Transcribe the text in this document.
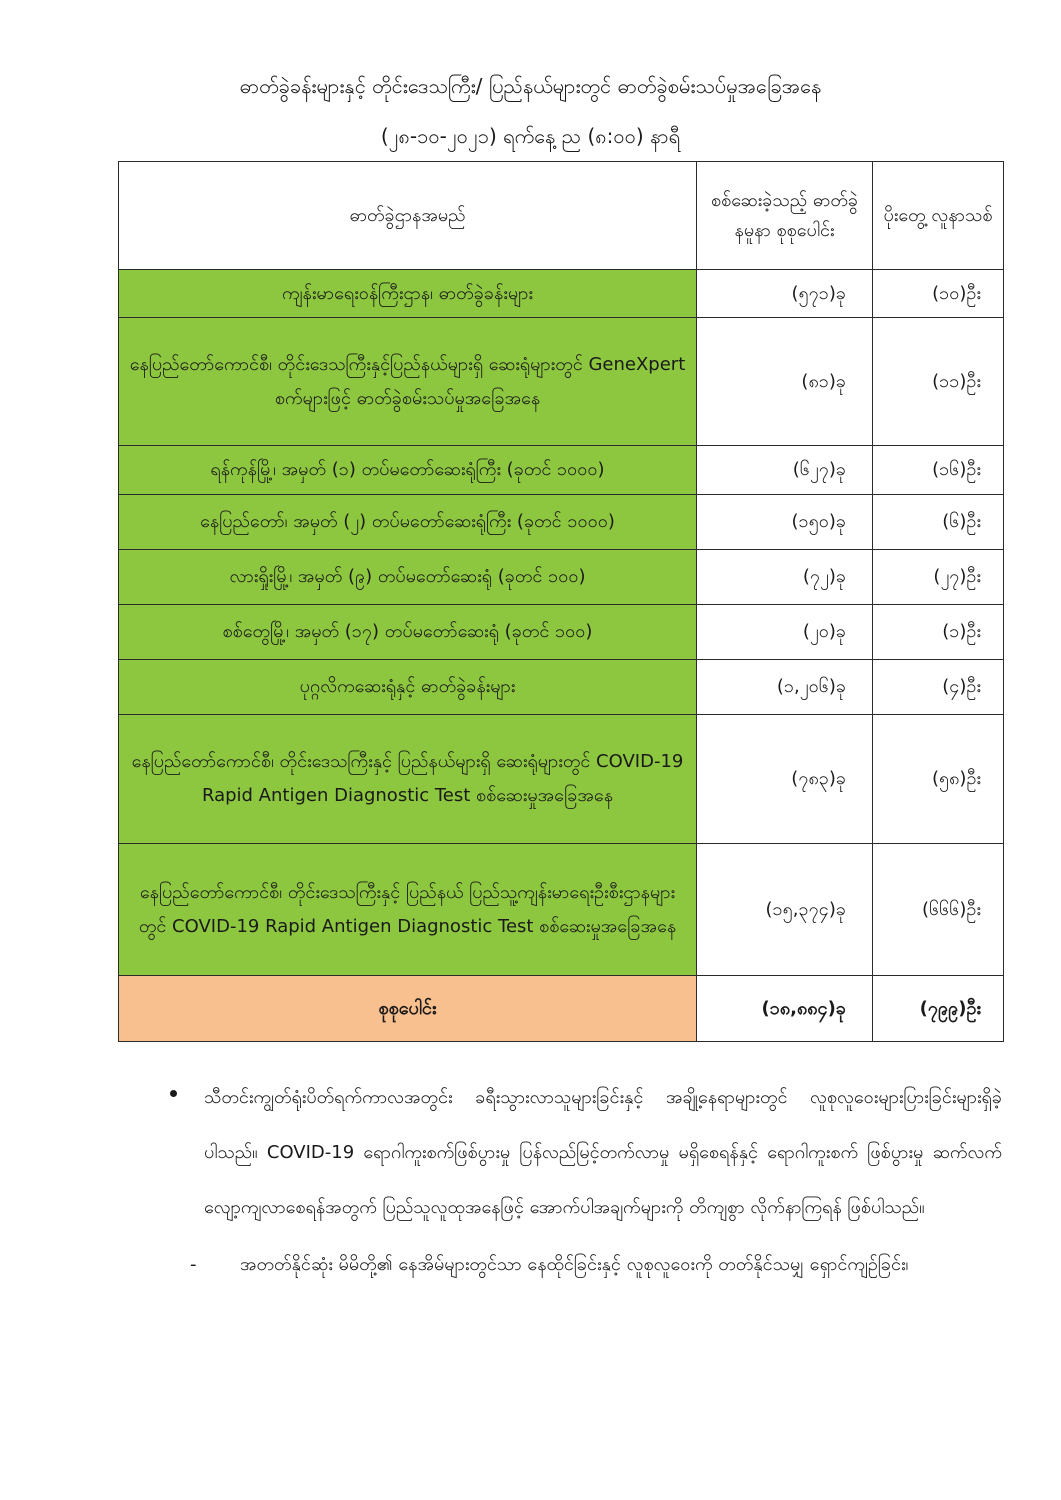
ဓာတ်ခွဲခန်းများနှင့် တိုင်းဒေသကြီး/ ပြည်နယ်များတွင် ဓာတ်ခွဲစမ်းသပ်မှုအခြေအနေ
(၂၈-၁၀-၂၀၂၁) ရက်နေ့ ည (၈:၀၀) နာရီ
ဓာတ်ခွဲဌာနအမည်	စစ်ဆေးခဲ့သည့် ဓာတ်ခွဲနမူနာ စုစုပေါင်း	ပိုးတွေ့ လူနာသစ်
ကျန်းမာရေးဝန်ကြီးဌာန၊ ဓာတ်ခွဲခန်းများ	(၅၇၁)ခု	(၁၀)ဦး
နေပြည်တော်ကောင်စီ၊ တိုင်းဒေသကြီးနှင့်ပြည်နယ်များရှိ ဆေးရုံများတွင် GeneXpert စက်များဖြင့် ဓာတ်ခွဲစမ်းသပ်မှုအခြေအနေ	(၈၁)ခု	(၁၁)ဦး
ရန်ကုန်မြို့၊ အမှတ် (၁) တပ်မတော်ဆေးရုံကြီး (ခုတင် ၁၀၀၀)	(၆၂၇)ခု	(၁၆)ဦး
နေပြည်တော်၊ အမှတ် (၂) တပ်မတော်ဆေးရုံကြီး (ခုတင် ၁၀၀၀)	(၁၅၀)ခု	(၆)ဦး
လားရှိုးမြို့၊ အမှတ် (၉) တပ်မတော်ဆေးရုံ (ခုတင် ၁၀၀)	(၇၂)ခု	(၂၇)ဦး
စစ်တွေမြို့၊ အမှတ် (၁၇) တပ်မတော်ဆေးရုံ (ခုတင် ၁၀၀)	(၂၀)ခု	(၁)ဦး
ပုဂ္ဂလိကဆေးရုံနှင့် ဓာတ်ခွဲခန်းများ	(၁,၂၀၆)ခု	(၄)ဦး
နေပြည်တော်ကောင်စီ၊ တိုင်းဒေသကြီးနှင့် ပြည်နယ်များရှိ ဆေးရုံများတွင် COVID-19 Rapid Antigen Diagnostic Test စစ်ဆေးမှုအခြေအနေ	(၇၈၃)ခု	(၅၈)ဦး
နေပြည်တော်ကောင်စီ၊ တိုင်းဒေသကြီးနှင့် ပြည်နယ် ပြည်သူ့ကျန်းမာရေးဦးစီးဌာနများတွင် COVID-19 Rapid Antigen Diagnostic Test စစ်ဆေးမှုအခြေအနေ	(၁၅,၃၇၄)ခု	(၆၆၆)ဦး
စုစုပေါင်း	(၁၈,၈၈၄)ခု	(၇၉၉)ဦး
သီတင်းကျွတ်ရုံးပိတ်ရက်ကာလအတွင်း ခရီးသွားလာသူများခြင်းနှင့် အချို့နေရာများတွင် လူစုလူဝေးများပြားခြင်းများရှိခဲ့ပါသည်။ COVID-19 ရောဂါကူးစက်ဖြစ်ပွားမှု ပြန်လည်မြင့်တက်လာမှု မရှိစေရန်နှင့် ရောဂါကူးစက် ဖြစ်ပွားမှု ဆက်လက်လျော့ကျလာစေရန်အတွက် ပြည်သူလူထုအနေဖြင့် အောက်ပါအချက်များကို တိကျစွာ လိုက်နာကြရန် ဖြစ်ပါသည်။
- အတတ်နိုင်ဆုံး မိမိတို့၏ နေအိမ်များတွင်သာ နေထိုင်ခြင်းနှင့် လူစုလူဝေးကို တတ်နိုင်သမျှ ရှောင်ကျဉ်ခြင်း၊
